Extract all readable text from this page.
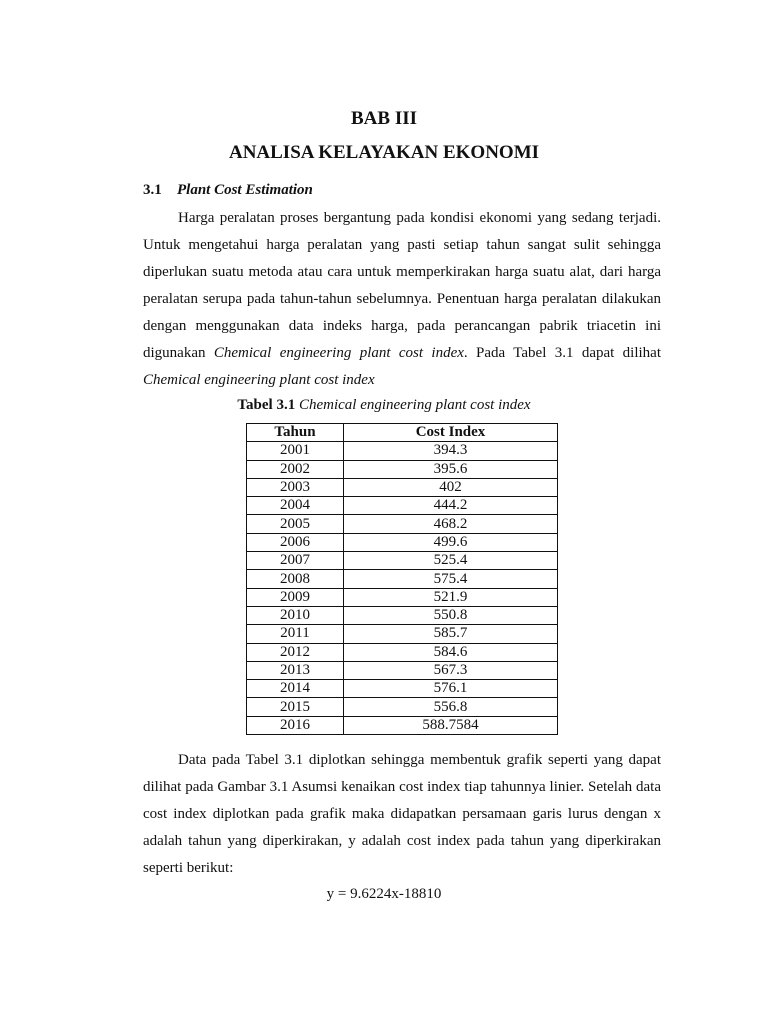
BAB III
ANALISA KELAYAKAN EKONOMI
3.1 Plant Cost Estimation
Harga peralatan proses bergantung pada kondisi ekonomi yang sedang terjadi.
Untuk mengetahui harga peralatan yang pasti setiap tahun sangat sulit sehingga
diperlukan suatu metoda atau cara untuk memperkirakan harga suatu alat, dari harga
peralatan serupa pada tahun-tahun sebelumnya. Penentuan harga peralatan dilakukan
dengan menggunakan data indeks harga, pada perancangan pabrik triacetin ini
digunakan Chemical engineering plant cost index. Pada Tabel 3.1 dapat dilihat
Chemical engineering plant cost index
Tabel 3.1 Chemical engineering plant cost index
Tahun	Cost Index
2001	394.3
2002	395.6
2003	402
2004	444.2
2005	468.2
2006	499.6
2007	525.4
2008	575.4
2009	521.9
2010	550.8
2011	585.7
2012	584.6
2013	567.3
2014	576.1
2015	556.8
2016	588.7584
Data pada Tabel 3.1 diplotkan sehingga membentuk grafik seperti yang dapat
dilihat pada Gambar 3.1 Asumsi kenaikan cost index tiap tahunnya linier. Setelah data
cost index diplotkan pada grafik maka didapatkan persamaan garis lurus dengan x
adalah tahun yang diperkirakan, y adalah cost index pada tahun yang diperkirakan
seperti berikut:
y = 9.6224x-18810
